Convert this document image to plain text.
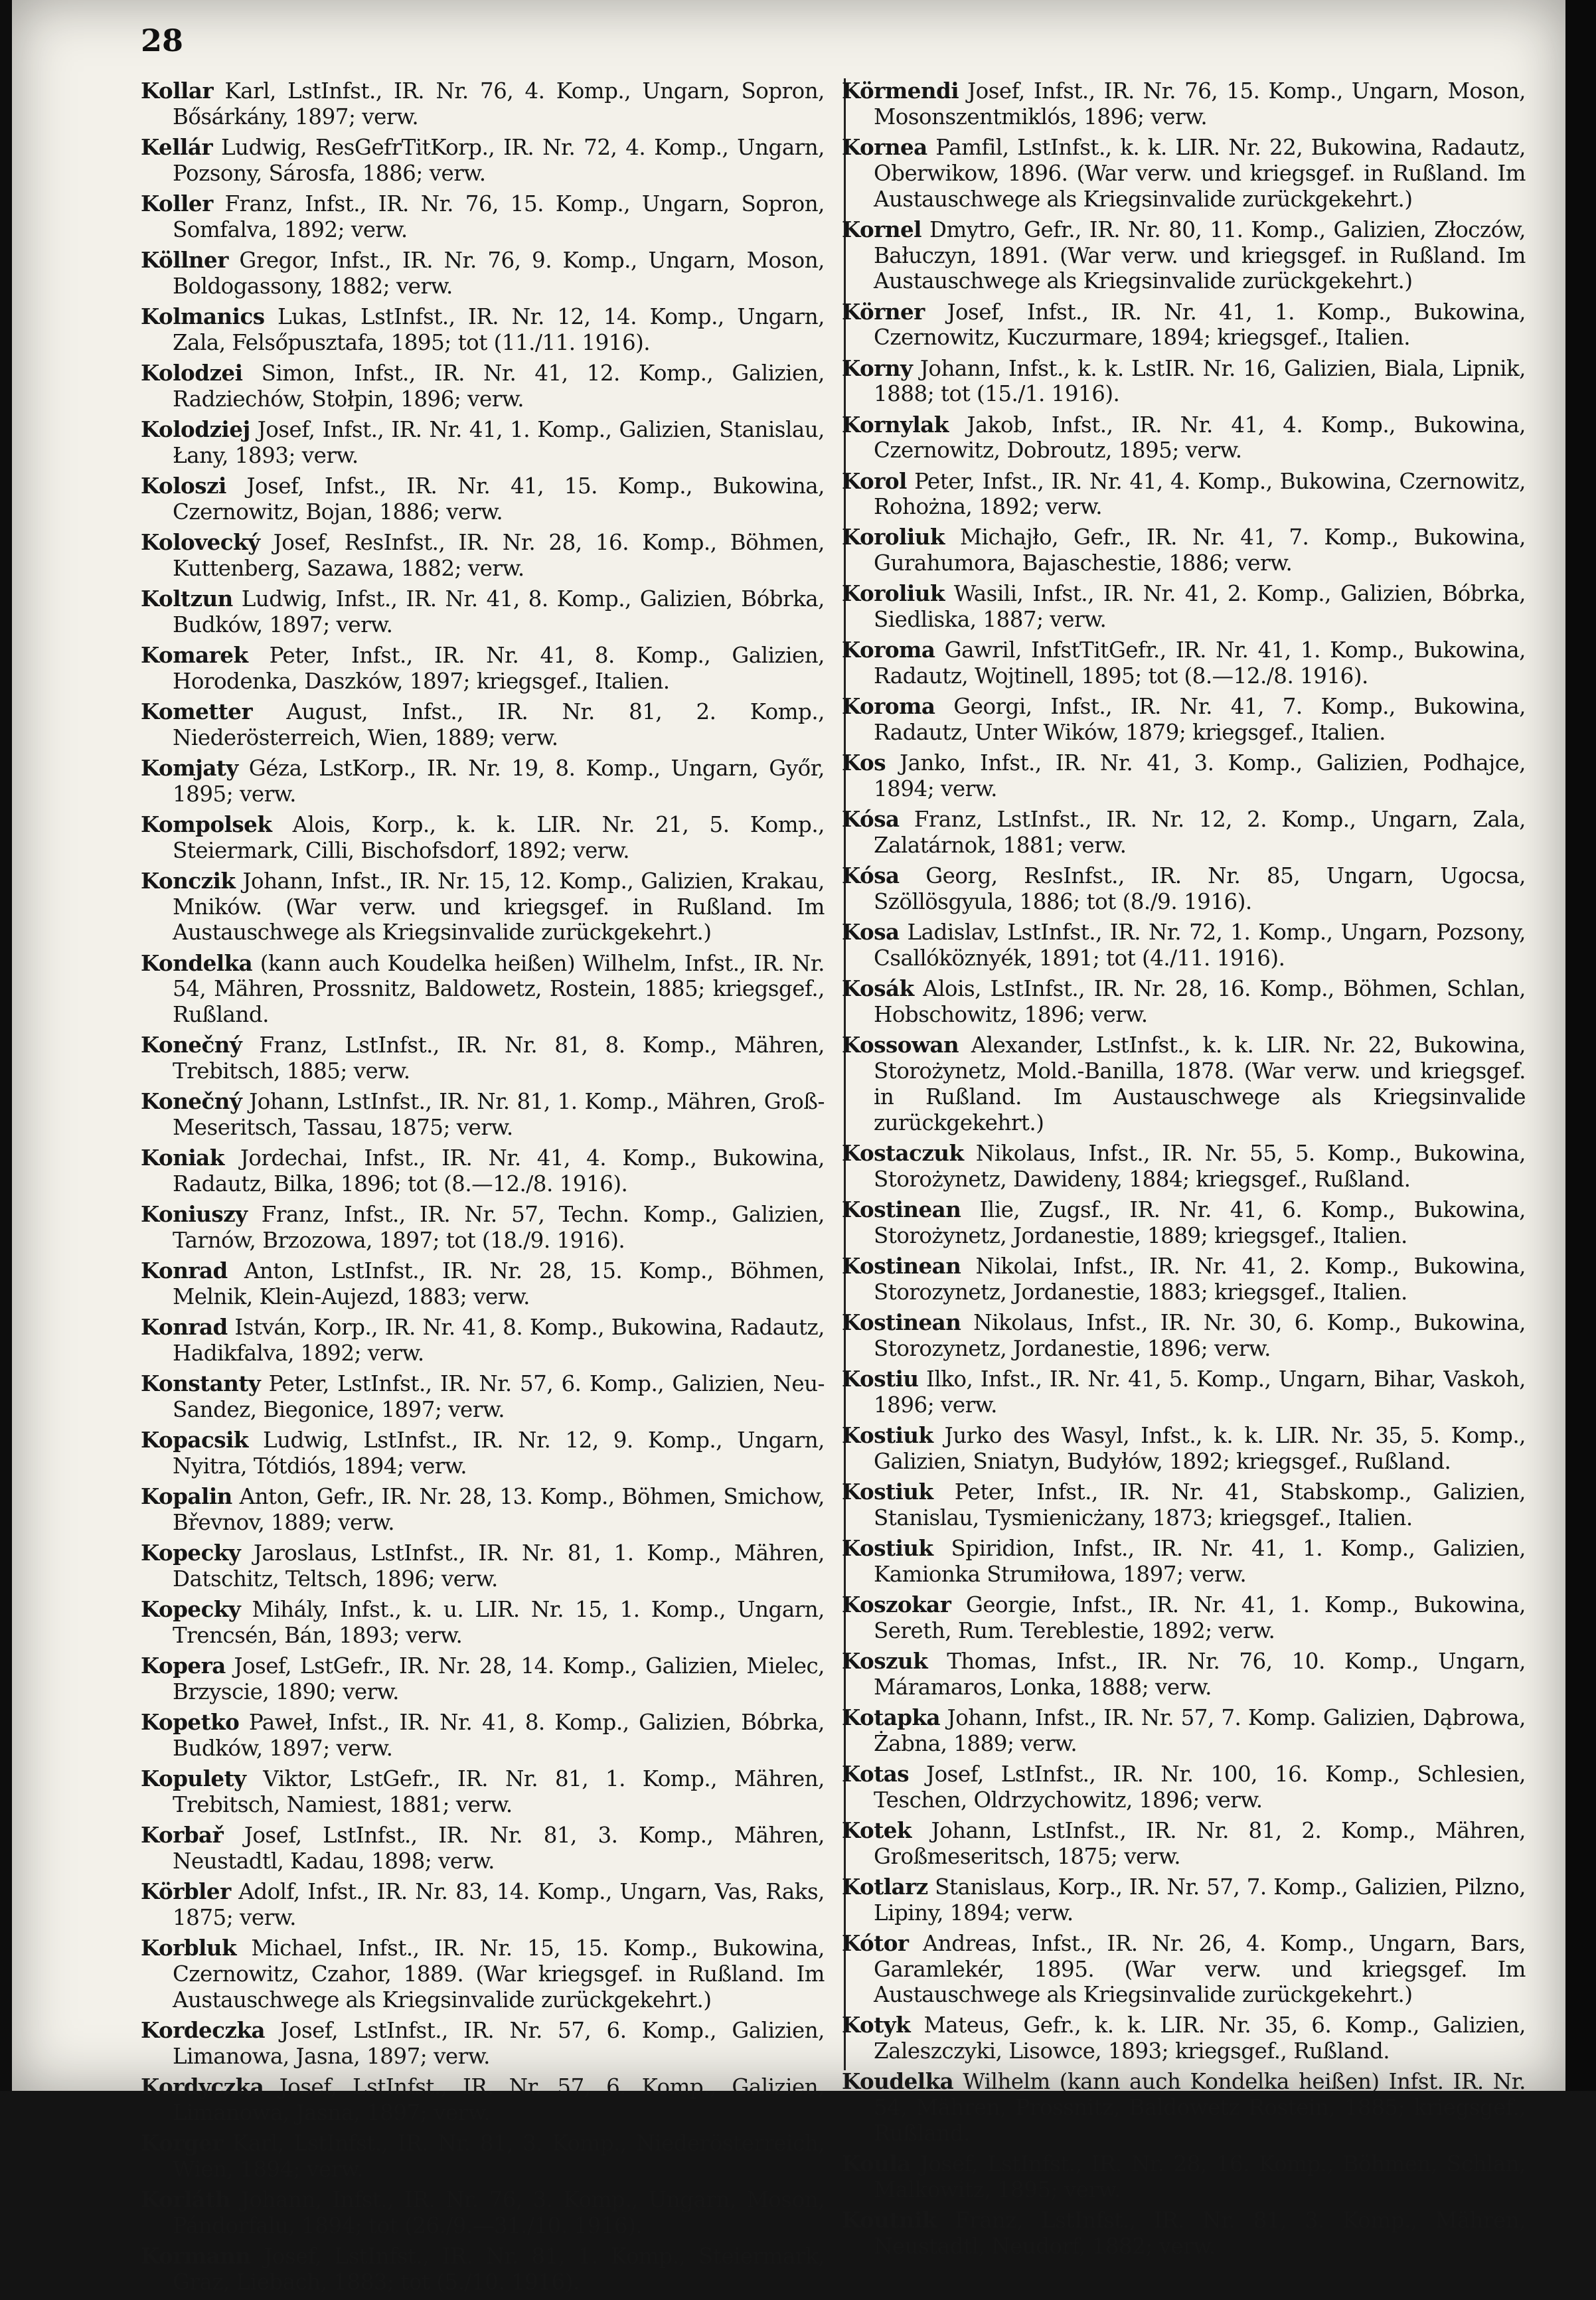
28

Kollar Karl, LstInfst., IR. Nr. 76, 4. Komp., Ungarn, Sopron, Bősárkány, 1897; verw.

Kellár Ludwig, ResGefrTitKorp., IR. Nr. 72, 4. Komp., Ungarn, Pozsony, Sárosfa, 1886; verw.

Koller Franz, Infst., IR. Nr. 76, 15. Komp., Ungarn, Sopron, Somfalva, 1892; verw.

Köllner Gregor, Infst., IR. Nr. 76, 9. Komp., Ungarn, Moson, Boldogassony, 1882; verw.

Kolmanics Lukas, LstInfst., IR. Nr. 12, 14. Komp., Ungarn, Zala, Felsőpusztafa, 1895; tot (11./11. 1916).

Kolodzei Simon, Infst., IR. Nr. 41, 12. Komp., Galizien, Radziechów, Stołpin, 1896; verw.

Kolodziej Josef, Infst., IR. Nr. 41, 1. Komp., Galizien, Stanislau, Łany, 1893; verw.

Koloszi Josef, Infst., IR. Nr. 41, 15. Komp., Bukowina, Czernowitz, Bojan, 1886; verw.

Kolovecký Josef, ResInfst., IR. Nr. 28, 16. Komp., Böhmen, Kuttenberg, Sazawa, 1882; verw.

Koltzun Ludwig, Infst., IR. Nr. 41, 8. Komp., Galizien, Bóbrka, Budków, 1897; verw.

Komarek Peter, Infst., IR. Nr. 41, 8. Komp., Galizien, Horodenka, Daszków, 1897; kriegsgef., Italien.

Kometter August, Infst., IR. Nr. 81, 2. Komp., Niederösterreich, Wien, 1889; verw.

Komjaty Géza, LstKorp., IR. Nr. 19, 8. Komp., Ungarn, Győr, 1895; verw.

Kompolsek Alois, Korp., k. k. LIR. Nr. 21, 5. Komp., Steiermark, Cilli, Bischofsdorf, 1892; verw.

Konczik Johann, Infst., IR. Nr. 15, 12. Komp., Galizien, Krakau, Mników. (War verw. und kriegsgef. in Rußland. Im Austauschwege als Kriegsinvalide zurückgekehrt.)

Kondelka (kann auch Koudelka heißen) Wilhelm, Infst., IR. Nr. 54, Mähren, Prossnitz, Baldowetz, Rostein, 1885; kriegsgef., Rußland.

Konečný Franz, LstInfst., IR. Nr. 81, 8. Komp., Mähren, Trebitsch, 1885; verw.

Konečný Johann, LstInfst., IR. Nr. 81, 1. Komp., Mähren, Groß-Meseritsch, Tassau, 1875; verw.

Koniak Jordechai, Infst., IR. Nr. 41, 4. Komp., Bukowina, Radautz, Bilka, 1896; tot (8.—12./8. 1916).

Koniuszy Franz, Infst., IR. Nr. 57, Techn. Komp., Galizien, Tarnów, Brzozowa, 1897; tot (18./9. 1916).

Konrad Anton, LstInfst., IR. Nr. 28, 15. Komp., Böhmen, Melnik, Klein-Aujezd, 1883; verw.

Konrad István, Korp., IR. Nr. 41, 8. Komp., Bukowina, Radautz, Hadikfalva, 1892; verw.

Konstanty Peter, LstInfst., IR. Nr. 57, 6. Komp., Galizien, Neu-Sandez, Biegonice, 1897; verw.

Kopacsik Ludwig, LstInfst., IR. Nr. 12, 9. Komp., Ungarn, Nyitra, Tótdiós, 1894; verw.

Kopalin Anton, Gefr., IR. Nr. 28, 13. Komp., Böhmen, Smichow, Břevnov, 1889; verw.

Kopecky Jaroslaus, LstInfst., IR. Nr. 81, 1. Komp., Mähren, Datschitz, Teltsch, 1896; verw.

Kopecky Mihály, Infst., k. u. LIR. Nr. 15, 1. Komp., Ungarn, Trencsén, Bán, 1893; verw.

Kopera Josef, LstGefr., IR. Nr. 28, 14. Komp., Galizien, Mielec, Brzyscie, 1890; verw.

Kopetko Paweł, Infst., IR. Nr. 41, 8. Komp., Galizien, Bóbrka, Budków, 1897; verw.

Kopulety Viktor, LstGefr., IR. Nr. 81, 1. Komp., Mähren, Trebitsch, Namiest, 1881; verw.

Korbař Josef, LstInfst., IR. Nr. 81, 3. Komp., Mähren, Neustadtl, Kadau, 1898; verw.

Körbler Adolf, Infst., IR. Nr. 83, 14. Komp., Ungarn, Vas, Raks, 1875; verw.

Korbluk Michael, Infst., IR. Nr. 15, 15. Komp., Bukowina, Czernowitz, Czahor, 1889. (War kriegsgef. in Rußland. Im Austauschwege als Kriegsinvalide zurückgekehrt.)

Kordeczka Josef, LstInfst., IR. Nr. 57, 6. Komp., Galizien, Limanowa, Jasna, 1897; verw.

Kordyczka Josef, LstInfst., IR. Nr. 57, 6. Komp., Galizien, Limanowa, Jasna, 1897; verw.

Korger Karl, LstInfst., IR. Nr. 81, 3. Komp., Niederösterreich, Wien, 1894; verw.

Korláth Johann, Infst., IR. Nr. 76, 3. Komp., Ungarn, Moson, Pándorfalu, 1894; tot (26./9.—31./10. 1916).

Kormann Josef, LstInfst., IR. Nr. 81, 1. Komp., Steiermark, Graz, Liebach, 1883; tot (5./10. 1916).

Körmendi Josef, Infst., IR. Nr. 76, 15. Komp., Ungarn, Moson, Mosonszentmiklós, 1896; verw.

Kornea Pamfil, LstInfst., k. k. LIR. Nr. 22, Bukowina, Radautz, Oberwikow, 1896. (War verw. und kriegsgef. in Rußland. Im Austauschwege als Kriegsinvalide zurückgekehrt.)

Kornel Dmytro, Gefr., IR. Nr. 80, 11. Komp., Galizien, Złoczów, Bałuczyn, 1891. (War verw. und kriegsgef. in Rußland. Im Austauschwege als Kriegsinvalide zurückgekehrt.)

Körner Josef, Infst., IR. Nr. 41, 1. Komp., Bukowina, Czernowitz, Kuczurmare, 1894; kriegsgef., Italien.

Korny Johann, Infst., k. k. LstIR. Nr. 16, Galizien, Biala, Lipnik, 1888; tot (15./1. 1916).

Kornylak Jakob, Infst., IR. Nr. 41, 4. Komp., Bukowina, Czernowitz, Dobroutz, 1895; verw.

Korol Peter, Infst., IR. Nr. 41, 4. Komp., Bukowina, Czernowitz, Rohożna, 1892; verw.

Koroliuk Michajło, Gefr., IR. Nr. 41, 7. Komp., Bukowina, Gurahumora, Bajaschestie, 1886; verw.

Koroliuk Wasili, Infst., IR. Nr. 41, 2. Komp., Galizien, Bóbrka, Siedliska, 1887; verw.

Koroma Gawril, InfstTitGefr., IR. Nr. 41, 1. Komp., Bukowina, Radautz, Wojtinell, 1895; tot (8.—12./8. 1916).

Koroma Georgi, Infst., IR. Nr. 41, 7. Komp., Bukowina, Radautz, Unter Wików, 1879; kriegsgef., Italien.

Kos Janko, Infst., IR. Nr. 41, 3. Komp., Galizien, Podhajce, 1894; verw.

Kósa Franz, LstInfst., IR. Nr. 12, 2. Komp., Ungarn, Zala, Zalatárnok, 1881; verw.

Kósa Georg, ResInfst., IR. Nr. 85, Ungarn, Ugocsa, Szöllösgyula, 1886; tot (8./9. 1916).

Kosa Ladislav, LstInfst., IR. Nr. 72, 1. Komp., Ungarn, Pozsony, Csallóköznyék, 1891; tot (4./11. 1916).

Kosák Alois, LstInfst., IR. Nr. 28, 16. Komp., Böhmen, Schlan, Hobschowitz, 1896; verw.

Kossowan Alexander, LstInfst., k. k. LIR. Nr. 22, Bukowina, Storożynetz, Mold.-Banilla, 1878. (War verw. und kriegsgef. in Rußland. Im Austauschwege als Kriegsinvalide zurückgekehrt.)

Kostaczuk Nikolaus, Infst., IR. Nr. 55, 5. Komp., Bukowina, Storożynetz, Dawideny, 1884; kriegsgef., Rußland.

Kostinean Ilie, Zugsf., IR. Nr. 41, 6. Komp., Bukowina, Storożynetz, Jordanestie, 1889; kriegsgef., Italien.

Kostinean Nikolai, Infst., IR. Nr. 41, 2. Komp., Bukowina, Storozynetz, Jordanestie, 1883; kriegsgef., Italien.

Kostinean Nikolaus, Infst., IR. Nr. 30, 6. Komp., Bukowina, Storozynetz, Jordanestie, 1896; verw.

Kostiu Ilko, Infst., IR. Nr. 41, 5. Komp., Ungarn, Bihar, Vaskoh, 1896; verw.

Kostiuk Jurko des Wasyl, Infst., k. k. LIR. Nr. 35, 5. Komp., Galizien, Sniatyn, Budyłów, 1892; kriegsgef., Rußland.

Kostiuk Peter, Infst., IR. Nr. 41, Stabskomp., Galizien, Stanislau, Tysmienicżany, 1873; kriegsgef., Italien.

Kostiuk Spiridion, Infst., IR. Nr. 41, 1. Komp., Galizien, Kamionka Strumiłowa, 1897; verw.

Koszokar Georgie, Infst., IR. Nr. 41, 1. Komp., Bukowina, Sereth, Rum. Tereblestie, 1892; verw.

Koszuk Thomas, Infst., IR. Nr. 76, 10. Komp., Ungarn, Máramaros, Lonka, 1888; verw.

Kotapka Johann, Infst., IR. Nr. 57, 7. Komp. Galizien, Dąbrowa, Żabna, 1889; verw.

Kotas Josef, LstInfst., IR. Nr. 100, 16. Komp., Schlesien, Teschen, Oldrzychowitz, 1896; verw.

Kotek Johann, LstInfst., IR. Nr. 81, 2. Komp., Mähren, Großmeseritsch, 1875; verw.

Kotlarz Stanislaus, Korp., IR. Nr. 57, 7. Komp., Galizien, Pilzno, Lipiny, 1894; verw.

Kótor Andreas, Infst., IR. Nr. 26, 4. Komp., Ungarn, Bars, Garamlekér, 1895. (War verw. und kriegsgef. Im Austauschwege als Kriegsinvalide zurückgekehrt.)

Kotyk Mateus, Gefr., k. k. LIR. Nr. 35, 6. Komp., Galizien, Zaleszczyki, Lisowce, 1893; kriegsgef., Rußland.

Koudelka Wilhelm (kann auch Kondelka heißen) Infst. IR. Nr. 54, Mähren, Prossnitz, Baldowetz Rostein, 1885; kriegsgef., Rußland.

Koula Josef, LstInfst., IR. Nr. 28, 16. Komp., Böhmen, Schlan, Malkowitz, 1895; verw.

Koutnik Franz, LstInfst., IR. Nr. 81, 3. Komp., Mähren, Neustadtl, Neudorf, 1882; verw.
